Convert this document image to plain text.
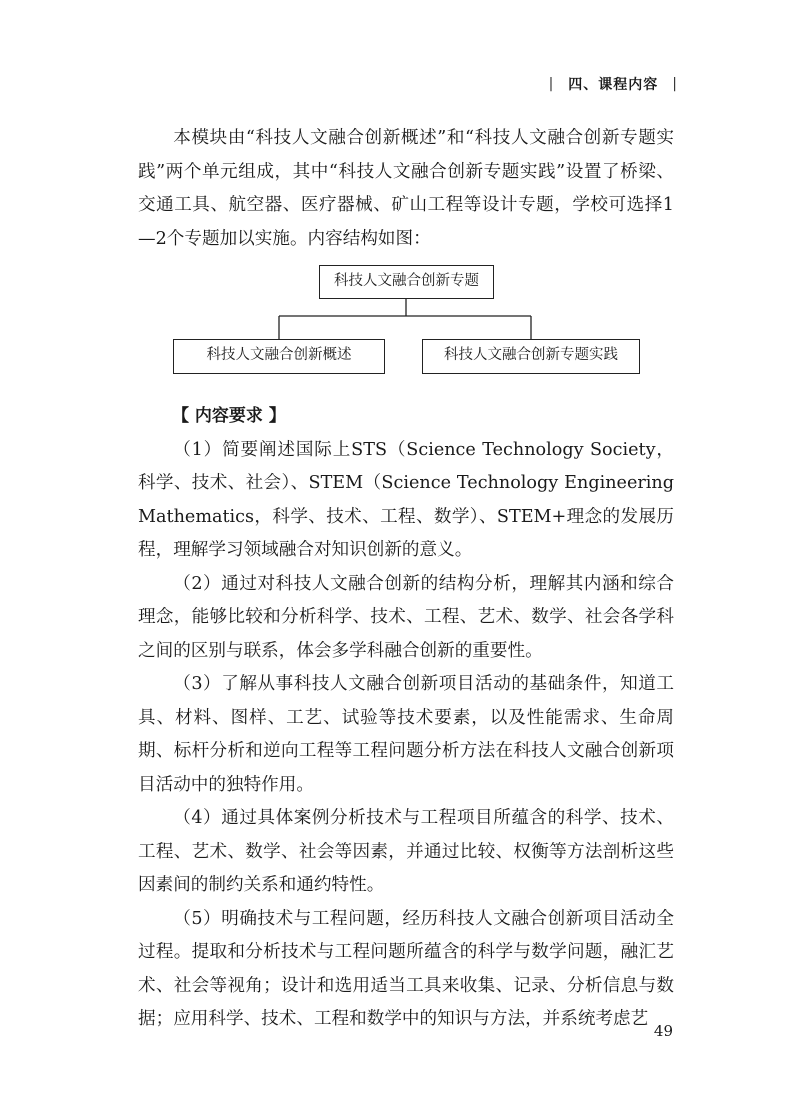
| 四、课程内容 |

本模块由“科技人文融合创新概述”和“科技人文融合创新专题实践”两个单元组成，其中“科技人文融合创新专题实践”设置了桥梁、交通工具、航空器、医疗器械、矿山工程等设计专题，学校可选择1—2个专题加以实施。内容结构如图：

科技人文融合创新专题
科技人文融合创新概述	科技人文融合创新专题实践

【 内容要求 】

（1）简要阐述国际上STS（Science Technology Society，科学、技术、社会）、STEM（Science Technology Engineering Mathematics，科学、技术、工程、数学）、STEM+理念的发展历程，理解学习领域融合对知识创新的意义。

（2）通过对科技人文融合创新的结构分析，理解其内涵和综合理念，能够比较和分析科学、技术、工程、艺术、数学、社会各学科之间的区别与联系，体会多学科融合创新的重要性。

（3）了解从事科技人文融合创新项目活动的基础条件，知道工具、材料、图样、工艺、试验等技术要素，以及性能需求、生命周期、标杆分析和逆向工程等工程问题分析方法在科技人文融合创新项目活动中的独特作用。

（4）通过具体案例分析技术与工程项目所蕴含的科学、技术、工程、艺术、数学、社会等因素，并通过比较、权衡等方法剖析这些因素间的制约关系和通约特性。

（5）明确技术与工程问题，经历科技人文融合创新项目活动全过程。提取和分析技术与工程问题所蕴含的科学与数学问题，融汇艺术、社会等视角；设计和选用适当工具来收集、记录、分析信息与数据；应用科学、技术、工程和数学中的知识与方法，并系统考虑艺

49
